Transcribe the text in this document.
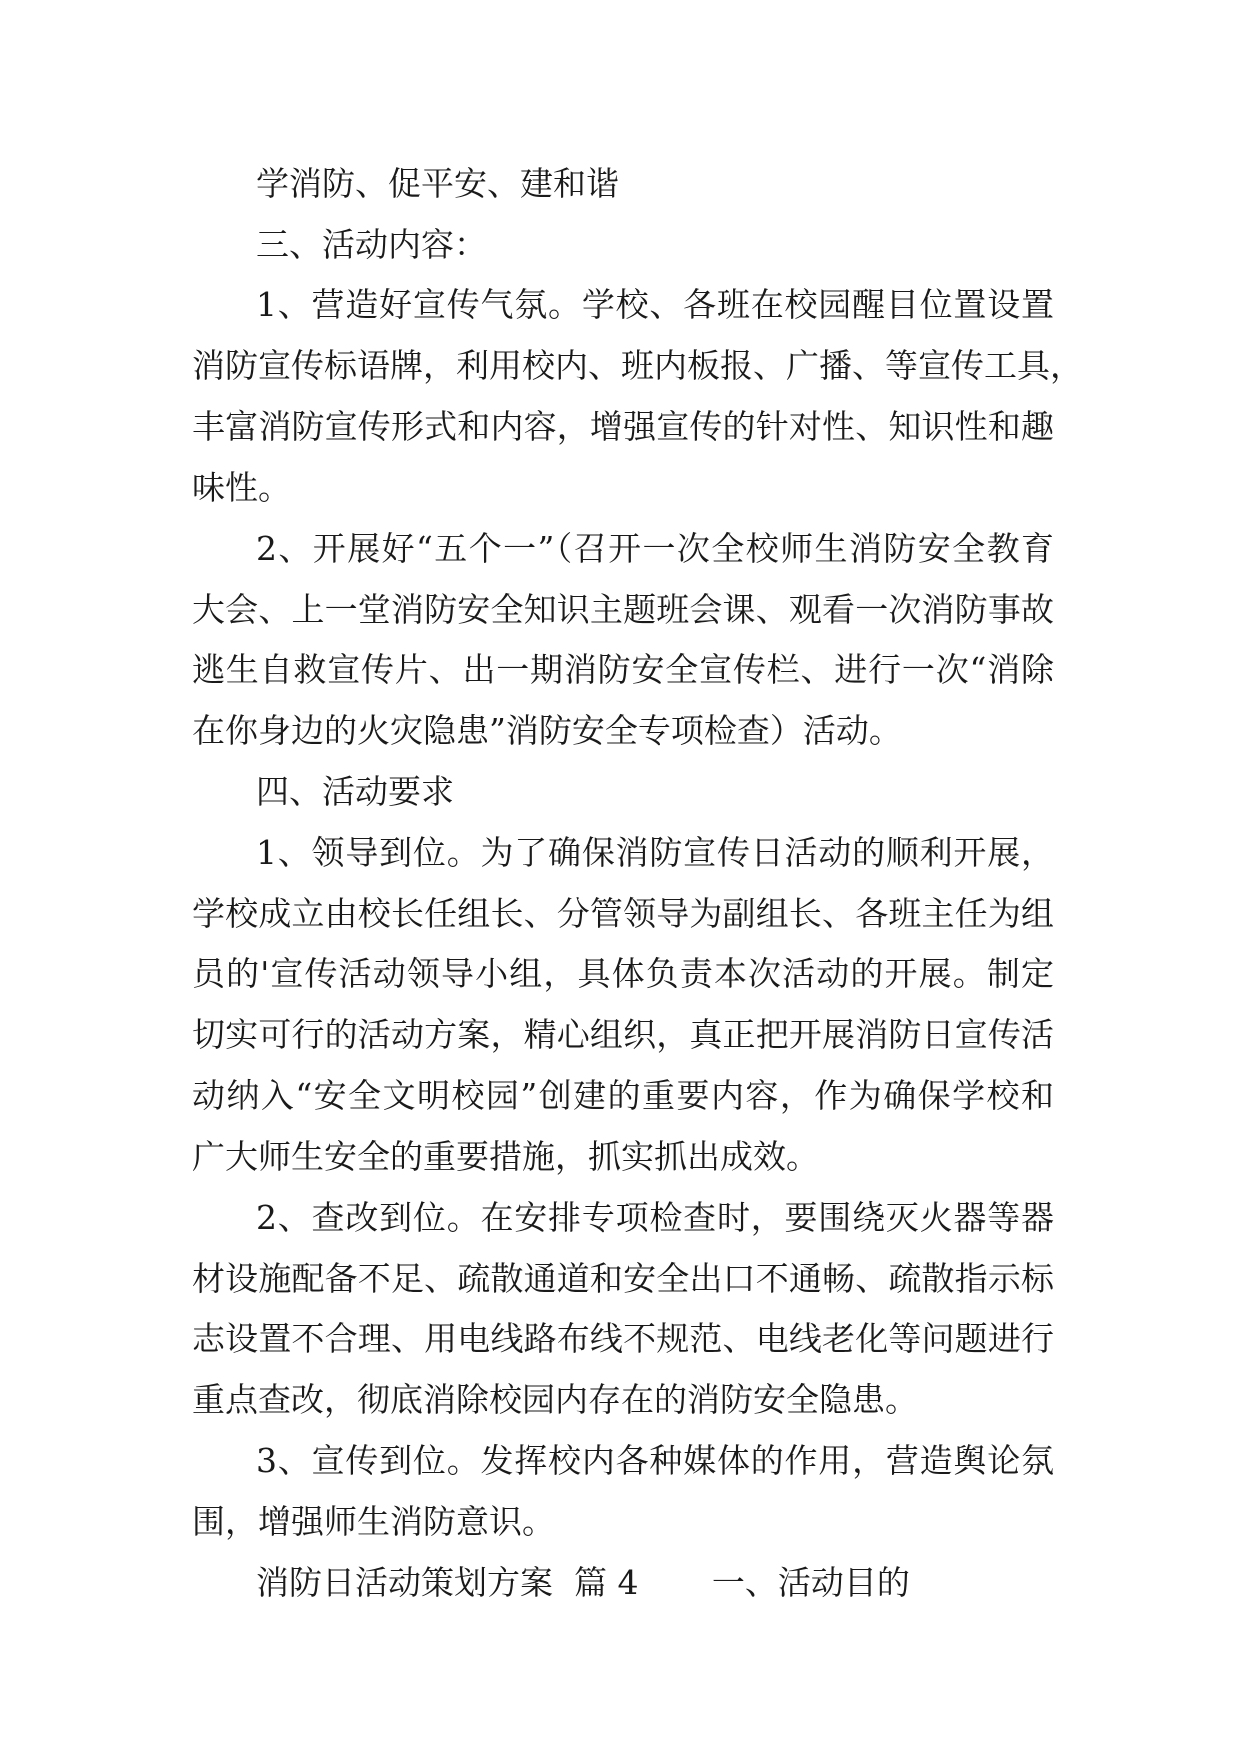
学消防、促平安、建和谐
三、活动内容：
1、营造好宣传气氛。学校、各班在校园醒目位置设置
消防宣传标语牌，利用校内、班内板报、广播、等宣传工具，
丰富消防宣传形式和内容，增强宣传的针对性、知识性和趣
味性。
2、开展好“五个一”（召开一次全校师生消防安全教育
大会、上一堂消防安全知识主题班会课、观看一次消防事故
逃生自救宣传片、出一期消防安全宣传栏、进行一次“消除
在你身边的火灾隐患”消防安全专项检查）活动。
四、活动要求
1、领导到位。为了确保消防宣传日活动的顺利开展，
学校成立由校长任组长、分管领导为副组长、各班主任为组
员的'宣传活动领导小组，具体负责本次活动的开展。制定
切实可行的活动方案，精心组织，真正把开展消防日宣传活
动纳入“安全文明校园”创建的重要内容，作为确保学校和
广大师生安全的重要措施，抓实抓出成效。
2、查改到位。在安排专项检查时，要围绕灭火器等器
材设施配备不足、疏散通道和安全出口不通畅、疏散指示标
志设置不合理、用电线路布线不规范、电线老化等问题进行
重点查改，彻底消除校园内存在的消防安全隐患。
3、宣传到位。发挥校内各种媒体的作用，营造舆论氛
围，增强师生消防意识。
消防日活动策划方案  篇 4       一、活动目的
